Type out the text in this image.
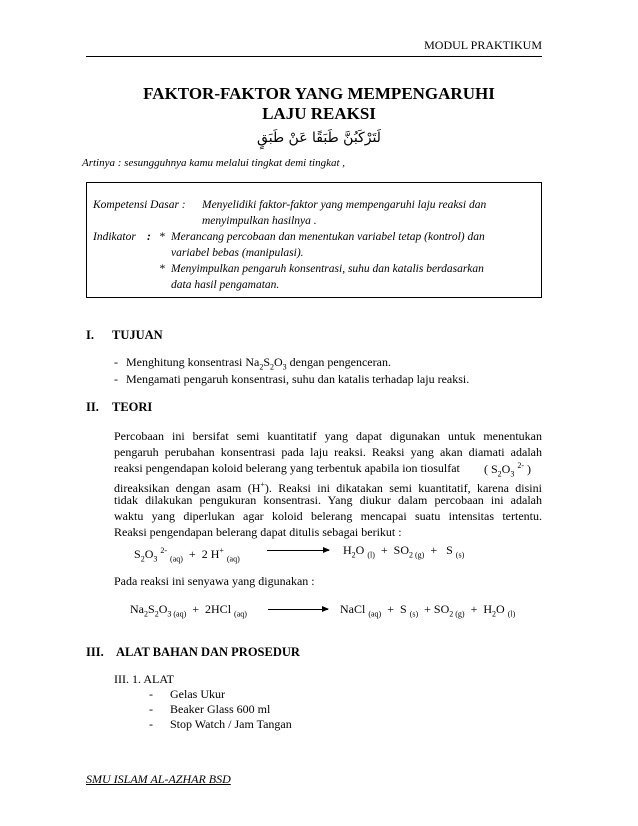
MODUL PRAKTIKUM
FAKTOR-FAKTOR YANG MEMPENGARUHI
LAJU REAKSI
لَتَرْكَبُنَّ طَبَقًا عَنْ طَبَقٍ
Artinya : sesungguhnya kamu melalui tingkat demi tingkat ,
Kompetensi Dasar : Menyelidiki faktor-faktor yang mempengaruhi laju reaksi dan
menyimpulkan hasilnya .
Indikator : * Merancang percobaan dan menentukan variabel tetap (kontrol) dan
variabel bebas (manipulasi).
* Menyimpulkan pengaruh konsentrasi, suhu dan katalis berdasarkan
data hasil pengamatan.
I. TUJUAN
- Menghitung konsentrasi $Na_2S_2O_3$ dengan pengenceran.
- Mengamati pengaruh konsentrasi, suhu dan katalis terhadap laju reaksi.
II. TEORI
Percobaan ini bersifat semi kuantitatif yang dapat digunakan untuk menentukan
pengaruh perubahan konsentrasi pada laju reaksi. Reaksi yang akan diamati adalah
reaksi pengendapan koloid belerang yang terbentuk apabila ion tiosulfat ( $S_2O_3$ $^{2-}$ )
direaksikan dengan asam (H+). Reaksi ini dikatakan semi kuantitatif, karena disini
tidak dilakukan pengukuran konsentrasi. Yang diukur dalam percobaan ini adalah
waktu yang diperlukan agar koloid belerang mencapai suatu intensitas tertentu.
Reaksi pengendapan belerang dapat ditulis sebagai berikut :
$S_2O_3$ $^{2-}$ $_{(aq)}$  +  2 H+ $_{(aq)}$
→ $H_2O$ $_{(l)} + SO_{2 (g)} + S$ $_{(s)}$
Pada reaksi ini senyawa yang digunakan :
$Na_2S_2O_{3 (aq)} + 2HCl$ $_{(aq)}$ → NaCl $_{(aq)}$  +  S $_{(s)} + SO_{2 (g)} + H_2O$ $_{(l)}$
III. ALAT BAHAN DAN PROSEDUR
III. 1. ALAT
- Gelas Ukur
- Beaker Glass 600 ml
- Stop Watch / Jam Tangan
SMU ISLAM AL-AZHAR BSD
